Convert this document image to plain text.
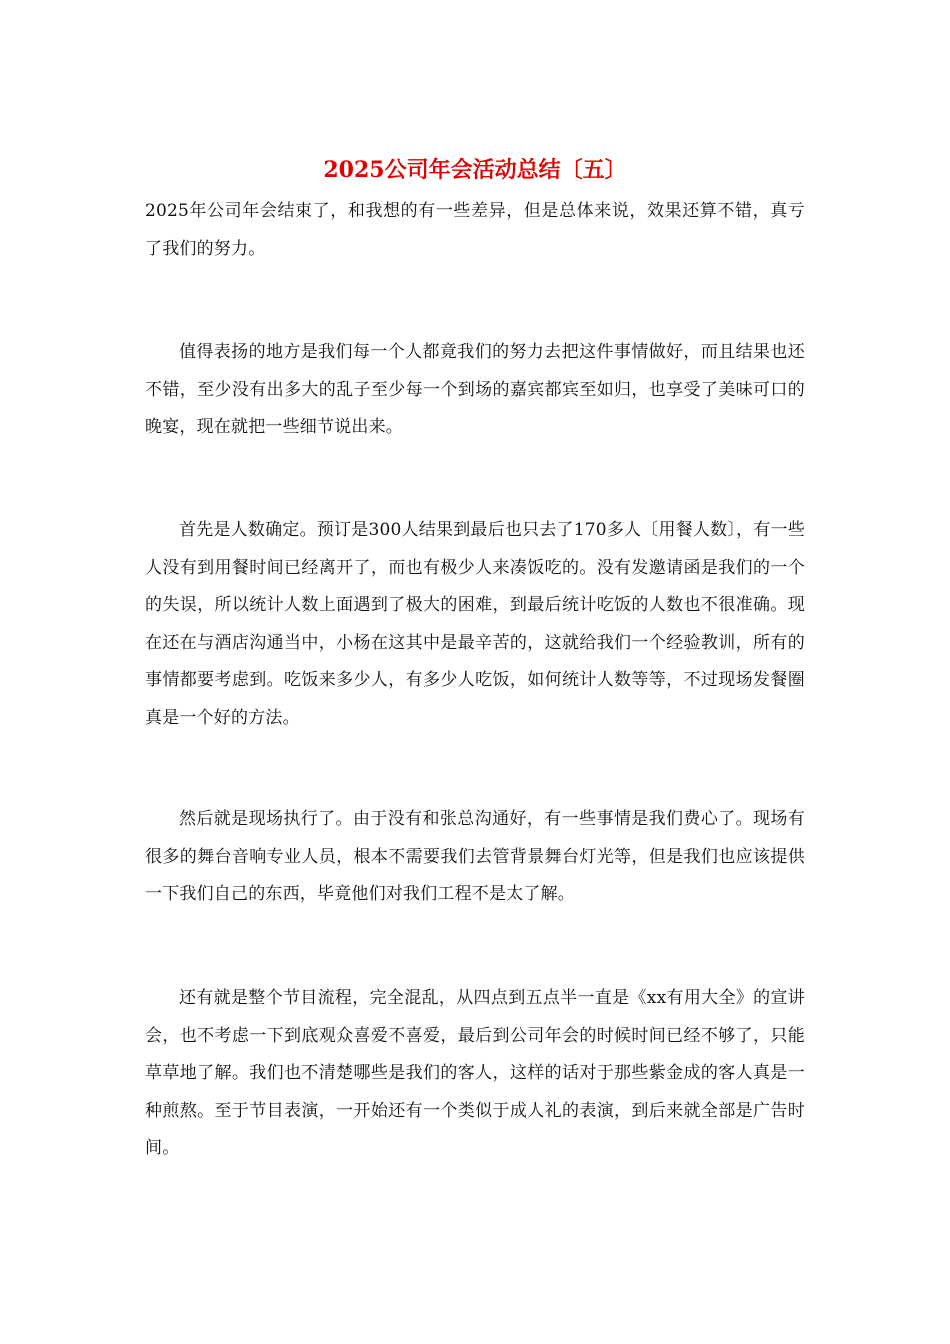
2025公司年会活动总结〔五〕

2025年公司年会结束了，和我想的有一些差异，但是总体来说，效果还算不错，真亏了我们的努力。

值得表扬的地方是我们每一个人都竟我们的努力去把这件事情做好，而且结果也还不错，至少没有出多大的乱子至少每一个到场的嘉宾都宾至如归，也享受了美味可口的晚宴，现在就把一些细节说出来。

首先是人数确定。预订是300人结果到最后也只去了170多人〔用餐人数〕，有一些人没有到用餐时间已经离开了，而也有极少人来凑饭吃的。没有发邀请函是我们的一个的失误，所以统计人数上面遇到了极大的困难，到最后统计吃饭的人数也不很准确。现在还在与酒店沟通当中，小杨在这其中是最辛苦的，这就给我们一个经验教训，所有的事情都要考虑到。吃饭来多少人，有多少人吃饭，如何统计人数等等，不过现场发餐圈真是一个好的方法。

然后就是现场执行了。由于没有和张总沟通好，有一些事情是我们费心了。现场有很多的舞台音响专业人员，根本不需要我们去管背景舞台灯光等，但是我们也应该提供一下我们自己的东西，毕竟他们对我们工程不是太了解。

还有就是整个节目流程，完全混乱，从四点到五点半一直是《xx有用大全》的宣讲会，也不考虑一下到底观众喜爱不喜爱，最后到公司年会的时候时间已经不够了，只能草草地了解。我们也不清楚哪些是我们的客人，这样的话对于那些紫金成的客人真是一种煎熬。至于节目表演，一开始还有一个类似于成人礼的表演，到后来就全部是广告时间。
